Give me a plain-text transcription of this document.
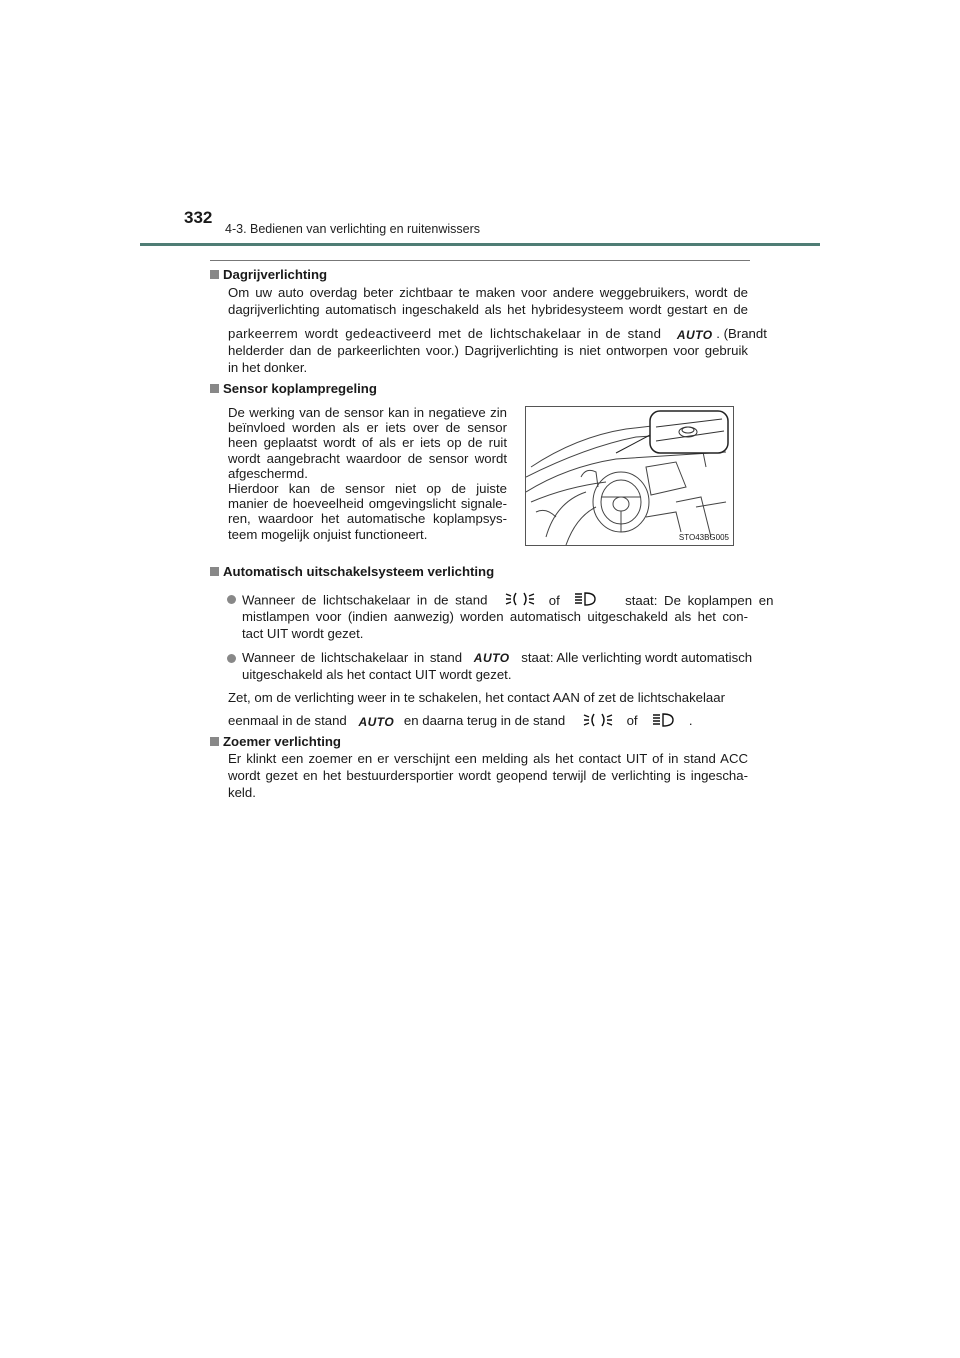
332
4-3. Bedienen van verlichting en ruitenwissers
Dagrijverlichting
Om uw auto overdag beter zichtbaar te maken voor andere weggebruikers, wordt de
dagrijverlichting automatisch ingeschakeld als het hybridesysteem wordt gestart en de
parkeerrem wordt gedeactiveerd met de lichtschakelaar in de stand AUTO . (Brandt
helderder dan de parkeerlichten voor.) Dagrijverlichting is niet ontworpen voor gebruik
in het donker.
Sensor koplampregeling
De werking van de sensor kan in negatieve zin
beïnvloed worden als er iets over de sensor
heen geplaatst wordt of als er iets op de ruit
wordt aangebracht waardoor de sensor wordt
afgeschermd.
Hierdoor kan de sensor niet op de juiste
manier de hoeveelheid omgevingslicht signale-
ren, waardoor het automatische koplampsys-
teem mogelijk onjuist functioneert.	STO43BG005
Automatisch uitschakelsysteem verlichting
Wanneer de lichtschakelaar in de stand	of	staat: De koplampen en
mistlampen voor (indien aanwezig) worden automatisch uitgeschakeld als het con-
tact UIT wordt gezet.
Wanneer de lichtschakelaar in stand AUTO staat: Alle verlichting wordt automatisch
uitgeschakeld als het contact UIT wordt gezet.
Zet, om de verlichting weer in te schakelen, het contact AAN of zet de lichtschakelaar
eenmaal in de stand AUTO en daarna terug in de stand	of	.
Zoemer verlichting
Er klinkt een zoemer en er verschijnt een melding als het contact UIT of in stand ACC
wordt gezet en het bestuurdersportier wordt geopend terwijl de verlichting is ingescha-
keld.
